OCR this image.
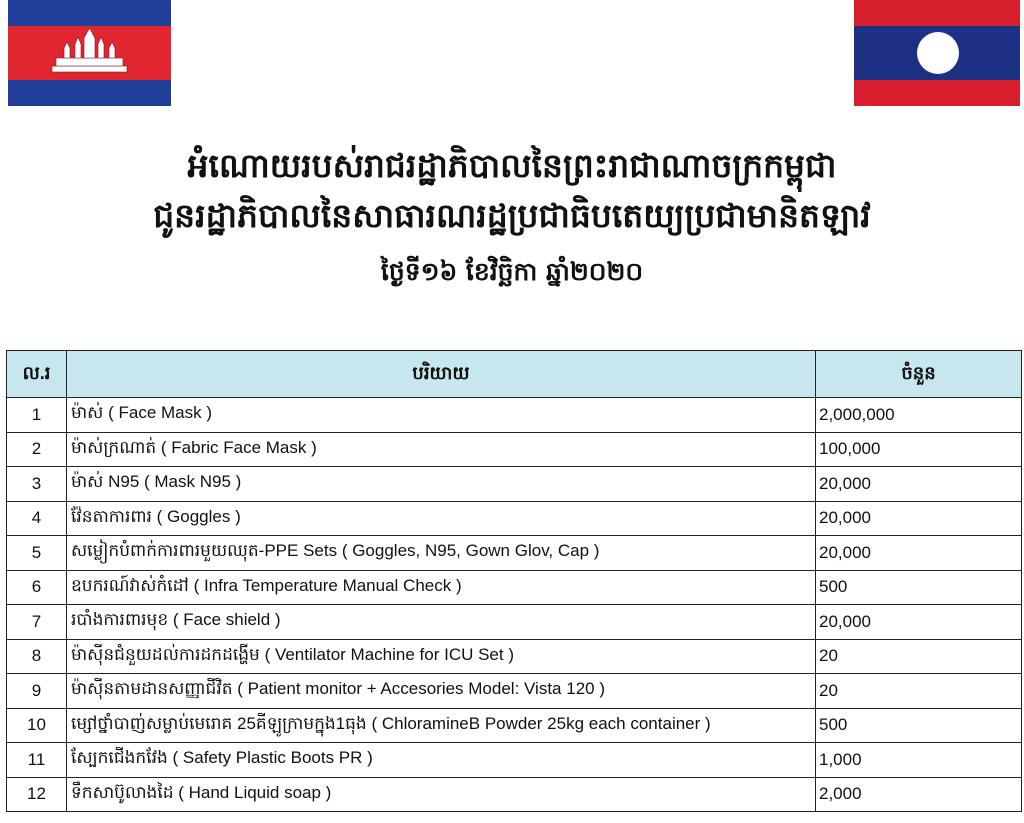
អំណោយរបស់រាជរដ្ឋាភិបាលនៃព្រះរាជាណាចក្រកម្ពុជា
ជូនរដ្ឋាភិបាលនៃសាធារណរដ្ឋប្រជាធិបតេយ្យប្រជាមានិតឡាវ
ថ្ងៃទី១៦ ខែវិច្ឆិកា ឆ្នាំ២០២០
ល.រ	បរិយាយ	ចំនួន
1	ម៉ាស់ ( Face Mask )	2,000,000
2	ម៉ាស់ក្រណាត់ ( Fabric Face Mask )	100,000
3	ម៉ាស់ N95 ( Mask N95 )	20,000
4	វ៉ែនតាការពារ ( Goggles )	20,000
5	សម្លៀកបំពាក់ការពារមួយឈុត-PPE Sets ( Goggles, N95, Gown Glov, Cap )	20,000
6	ឧបករណ៍វាស់កំដៅ ( Infra Temperature Manual Check )	500
7	របាំងការពារមុខ ( Face shield )	20,000
8	ម៉ាស៊ីនជំនួយដល់ការដកដង្ហើម ( Ventilator Machine for ICU Set )	20
9	ម៉ាស៊ីនតាមដានសញ្ញាជីវិត ( Patient monitor + Accesories Model: Vista 120 )	20
10	ម្សៅថ្នាំបាញ់សម្លាប់មេរោគ 25គីឡូក្រាមក្នុង1ធុង ( ChloramineB Powder 25kg each container )	500
11	ស្បែកជើងកវែង ( Safety Plastic Boots PR )	1,000
12	ទឹកសាប៊ូលាងដៃ ( Hand Liquid soap )	2,000
